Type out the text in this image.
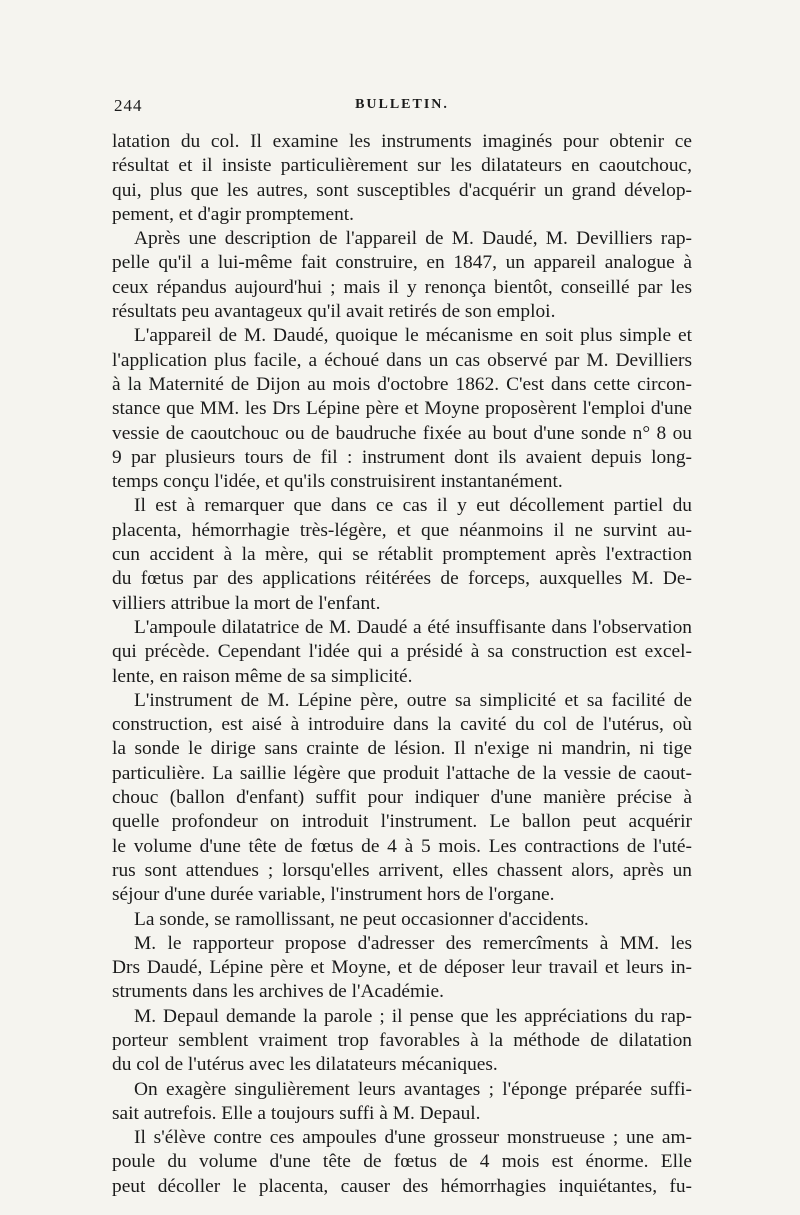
244	BULLETIN.
latation du col. Il examine les instruments imaginés pour obtenir ce
résultat et il insiste particulièrement sur les dilatateurs en caoutchouc,
qui, plus que les autres, sont susceptibles d'acquérir un grand dévelop-
pement, et d'agir promptement.
Après une description de l'appareil de M. Daudé, M. Devilliers rap-
pelle qu'il a lui-même fait construire, en 1847, un appareil analogue à
ceux répandus aujourd'hui ; mais il y renonça bientôt, conseillé par les
résultats peu avantageux qu'il avait retirés de son emploi.
L'appareil de M. Daudé, quoique le mécanisme en soit plus simple et
l'application plus facile, a échoué dans un cas observé par M. Devilliers
à la Maternité de Dijon au mois d'octobre 1862. C'est dans cette circon-
stance que MM. les Drs Lépine père et Moyne proposèrent l'emploi d'une
vessie de caoutchouc ou de baudruche fixée au bout d'une sonde n° 8 ou
9 par plusieurs tours de fil : instrument dont ils avaient depuis long-
temps conçu l'idée, et qu'ils construisirent instantanément.
Il est à remarquer que dans ce cas il y eut décollement partiel du
placenta, hémorrhagie très-légère, et que néanmoins il ne survint au-
cun accident à la mère, qui se rétablit promptement après l'extraction
du fœtus par des applications réitérées de forceps, auxquelles M. De-
villiers attribue la mort de l'enfant.
L'ampoule dilatatrice de M. Daudé a été insuffisante dans l'observation
qui précède. Cependant l'idée qui a présidé à sa construction est excel-
lente, en raison même de sa simplicité.
L'instrument de M. Lépine père, outre sa simplicité et sa facilité de
construction, est aisé à introduire dans la cavité du col de l'utérus, où
la sonde le dirige sans crainte de lésion. Il n'exige ni mandrin, ni tige
particulière. La saillie légère que produit l'attache de la vessie de caout-
chouc (ballon d'enfant) suffit pour indiquer d'une manière précise à
quelle profondeur on introduit l'instrument. Le ballon peut acquérir
le volume d'une tête de fœtus de 4 à 5 mois. Les contractions de l'uté-
rus sont attendues ; lorsqu'elles arrivent, elles chassent alors, après un
séjour d'une durée variable, l'instrument hors de l'organe.
La sonde, se ramollissant, ne peut occasionner d'accidents.
M. le rapporteur propose d'adresser des remercîments à MM. les
Drs Daudé, Lépine père et Moyne, et de déposer leur travail et leurs in-
struments dans les archives de l'Académie.
M. Depaul demande la parole ; il pense que les appréciations du rap-
porteur semblent vraiment trop favorables à la méthode de dilatation
du col de l'utérus avec les dilatateurs mécaniques.
On exagère singulièrement leurs avantages ; l'éponge préparée suffi-
sait autrefois. Elle a toujours suffi à M. Depaul.
Il s'élève contre ces ampoules d'une grosseur monstrueuse ; une am-
poule du volume d'une tête de fœtus de 4 mois est énorme. Elle
peut décoller le placenta, causer des hémorrhagies inquiétantes, fu-
